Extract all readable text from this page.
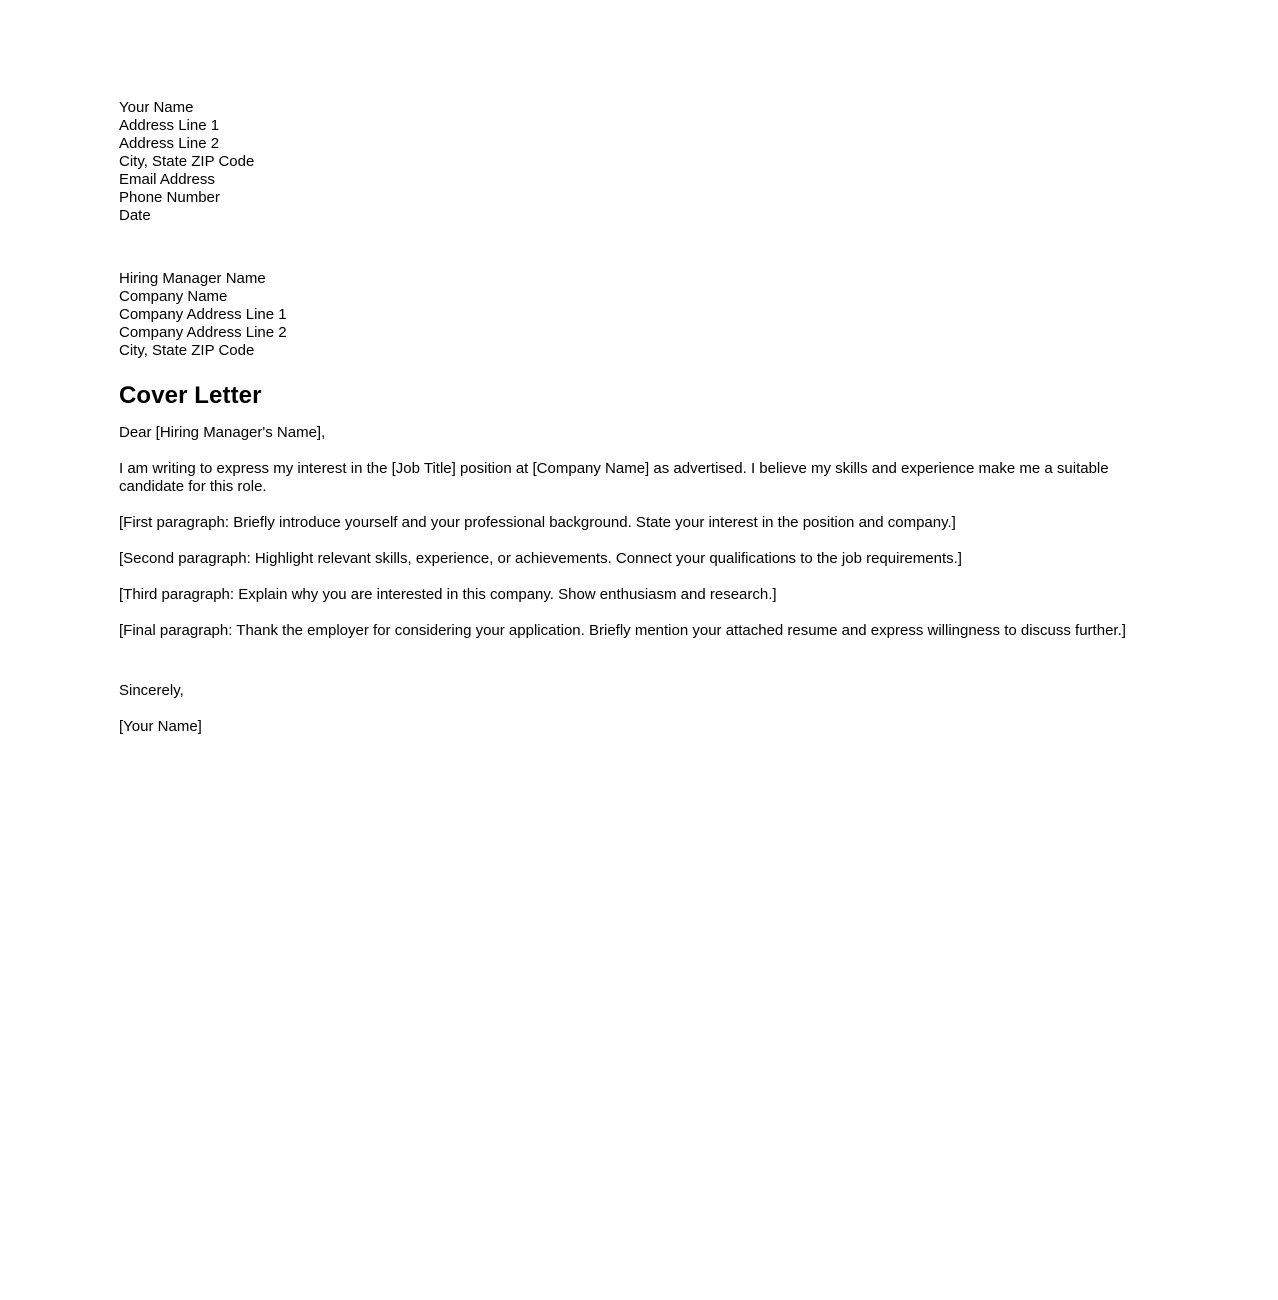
Your Name
Address Line 1
Address Line 2
City, State ZIP Code
Email Address
Phone Number
Date
Hiring Manager Name
Company Name
Company Address Line 1
Company Address Line 2
City, State ZIP Code
Cover Letter

Dear [Hiring Manager's Name],

I am writing to express my interest in the [Job Title] position at [Company Name] as advertised. I believe my skills and experience make me a suitable candidate for this role.

[First paragraph: Briefly introduce yourself and your professional background. State your interest in the position and company.]

[Second paragraph: Highlight relevant skills, experience, or achievements. Connect your qualifications to the job requirements.]

[Third paragraph: Explain why you are interested in this company. Show enthusiasm and research.]

[Final paragraph: Thank the employer for considering your application. Briefly mention your attached resume and express willingness to discuss further.]

Sincerely,

[Your Name]
